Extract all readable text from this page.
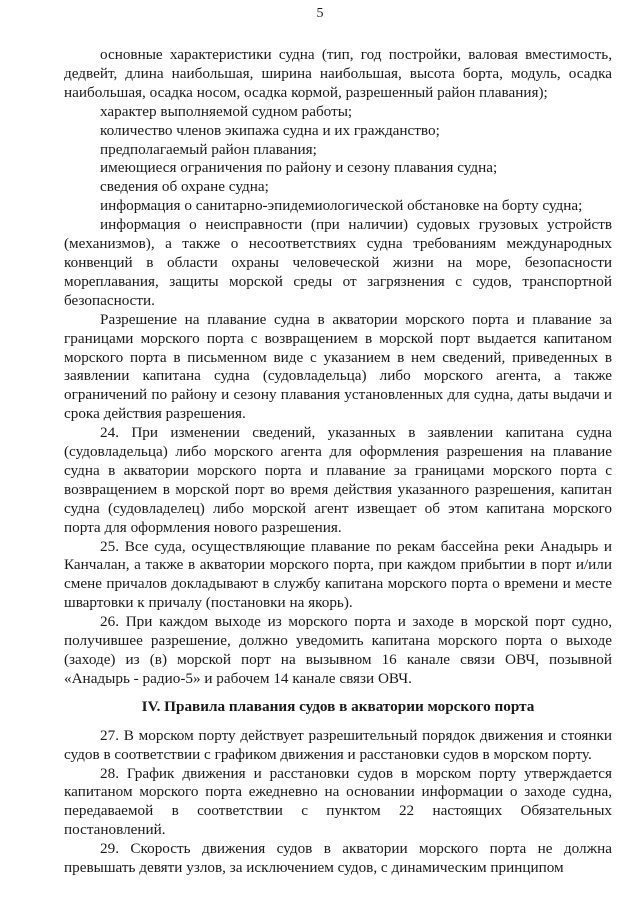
5

основные характеристики судна (тип, год постройки, валовая вместимость, дедвейт, длина наибольшая, ширина наибольшая, высота борта, модуль, осадка наибольшая, осадка носом, осадка кормой, разрешенный район плавания);

характер выполняемой судном работы;

количество членов экипажа судна и их гражданство;

предполагаемый район плавания;

имеющиеся ограничения по району и сезону плавания судна;

сведения об охране судна;

информация о санитарно-эпидемиологической обстановке на борту судна;

информация о неисправности (при наличии) судовых грузовых устройств (механизмов), а также о несоответствиях судна требованиям международных конвенций в области охраны человеческой жизни на море, безопасности мореплавания, защиты морской среды от загрязнения с судов, транспортной безопасности.

Разрешение на плавание судна в акватории морского порта и плавание за границами морского порта с возвращением в морской порт выдается капитаном морского порта в письменном виде с указанием в нем сведений, приведенных в заявлении капитана судна (судовладельца) либо морского агента, а также ограничений по району и сезону плавания установленных для судна, даты выдачи и срока действия разрешения.

24. При изменении сведений, указанных в заявлении капитана судна (судовладельца) либо морского агента для оформления разрешения на плавание судна в акватории морского порта и плавание за границами морского порта с возвращением в морской порт во время действия указанного разрешения, капитан судна (судовладелец) либо морской агент извещает об этом капитана морского порта для оформления нового разрешения.

25. Все суда, осуществляющие плавание по рекам бассейна реки Анадырь и Канчалан, а также в акватории морского порта, при каждом прибытии в порт и/или смене причалов докладывают в службу капитана морского порта о времени и месте швартовки к причалу (постановки на якорь).

26. При каждом выходе из морского порта и заходе в морской порт судно, получившее разрешение, должно уведомить капитана морского порта о выходе (заходе) из (в) морской порт на вызывном 16 канале связи ОВЧ, позывной «Анадырь - радио-5» и рабочем 14 канале связи ОВЧ.

IV. Правила плавания судов в акватории морского порта

27. В морском порту действует разрешительный порядок движения и стоянки судов в соответствии с графиком движения и расстановки судов в морском порту.

28. График движения и расстановки судов в морском порту утверждается капитаном морского порта ежедневно на основании информации о заходе судна, передаваемой в соответствии с пунктом 22 настоящих Обязательных постановлений.

29. Скорость движения судов в акватории морского порта не должна превышать девяти узлов, за исключением судов, с динамическим принципом
